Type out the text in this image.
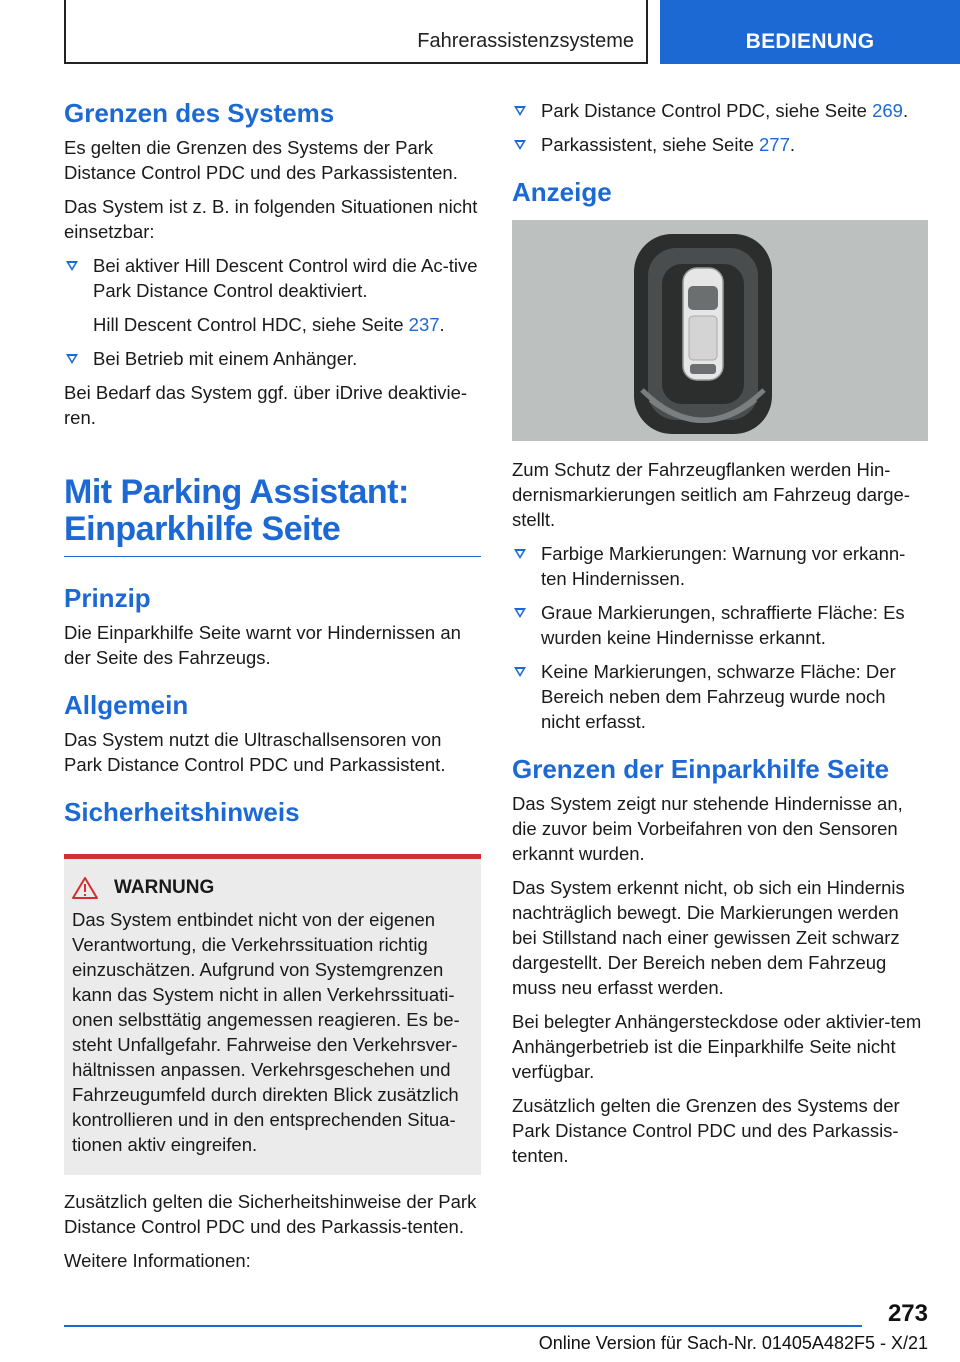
Fahrerassistenzsysteme	BEDIENUNG
Grenzen des Systems

Es gelten die Grenzen des Systems der Park Distance Control PDC und des Parkassistenten.

Das System ist z. B. in folgenden Situationen nicht einsetzbar:

Bei aktiver Hill Descent Control wird die Ac‐tive Park Distance Control deaktiviert.
Hill Descent Control HDC, siehe Seite 237.
Bei Betrieb mit einem Anhänger.

Bei Bedarf das System ggf. über iDrive deaktivie‐ren.

Mit Parking Assistant: Einparkhilfe Seite
Prinzip

Die Einparkhilfe Seite warnt vor Hindernissen an der Seite des Fahrzeugs.

Allgemein

Das System nutzt die Ultraschallsensoren von Park Distance Control PDC und Parkassistent.

Sicherheitshinweis
WARNUNG

Das System entbindet nicht von der eigenen Verantwortung, die Verkehrssituation richtig einzuschätzen. Aufgrund von Systemgrenzen kann das System nicht in allen Verkehrssituati‐onen selbsttätig angemessen reagieren. Es be‐steht Unfallgefahr. Fahrweise den Verkehrsver‐hältnissen anpassen. Verkehrsgeschehen und Fahrzeugumfeld durch direkten Blick zusätzlich kontrollieren und in den entsprechenden Situa‐tionen aktiv eingreifen.

Zusätzlich gelten die Sicherheitshinweise der Park Distance Control PDC und des Parkassis‐tenten.

Weitere Informationen:

Park Distance Control PDC, siehe Seite 269.
Parkassistent, siehe Seite 277.
Anzeige

Zum Schutz der Fahrzeugflanken werden Hin‐dernismarkierungen seitlich am Fahrzeug darge‐stellt.

Farbige Markierungen: Warnung vor erkann‐ten Hindernissen.
Graue Markierungen, schraffierte Fläche: Es wurden keine Hindernisse erkannt.
Keine Markierungen, schwarze Fläche: Der Bereich neben dem Fahrzeug wurde noch nicht erfasst.
Grenzen der Einparkhilfe Seite

Das System zeigt nur stehende Hindernisse an, die zuvor beim Vorbeifahren von den Sensoren erkannt wurden.

Das System erkennt nicht, ob sich ein Hindernis nachträglich bewegt. Die Markierungen werden bei Stillstand nach einer gewissen Zeit schwarz dargestellt. Der Bereich neben dem Fahrzeug muss neu erfasst werden.

Bei belegter Anhängersteckdose oder aktivier‐tem Anhängerbetrieb ist die Einparkhilfe Seite nicht verfügbar.

Zusätzlich gelten die Grenzen des Systems der Park Distance Control PDC und des Parkassis‐tenten.

273
Online Version für Sach-Nr. 01405A482F5 - X/21
